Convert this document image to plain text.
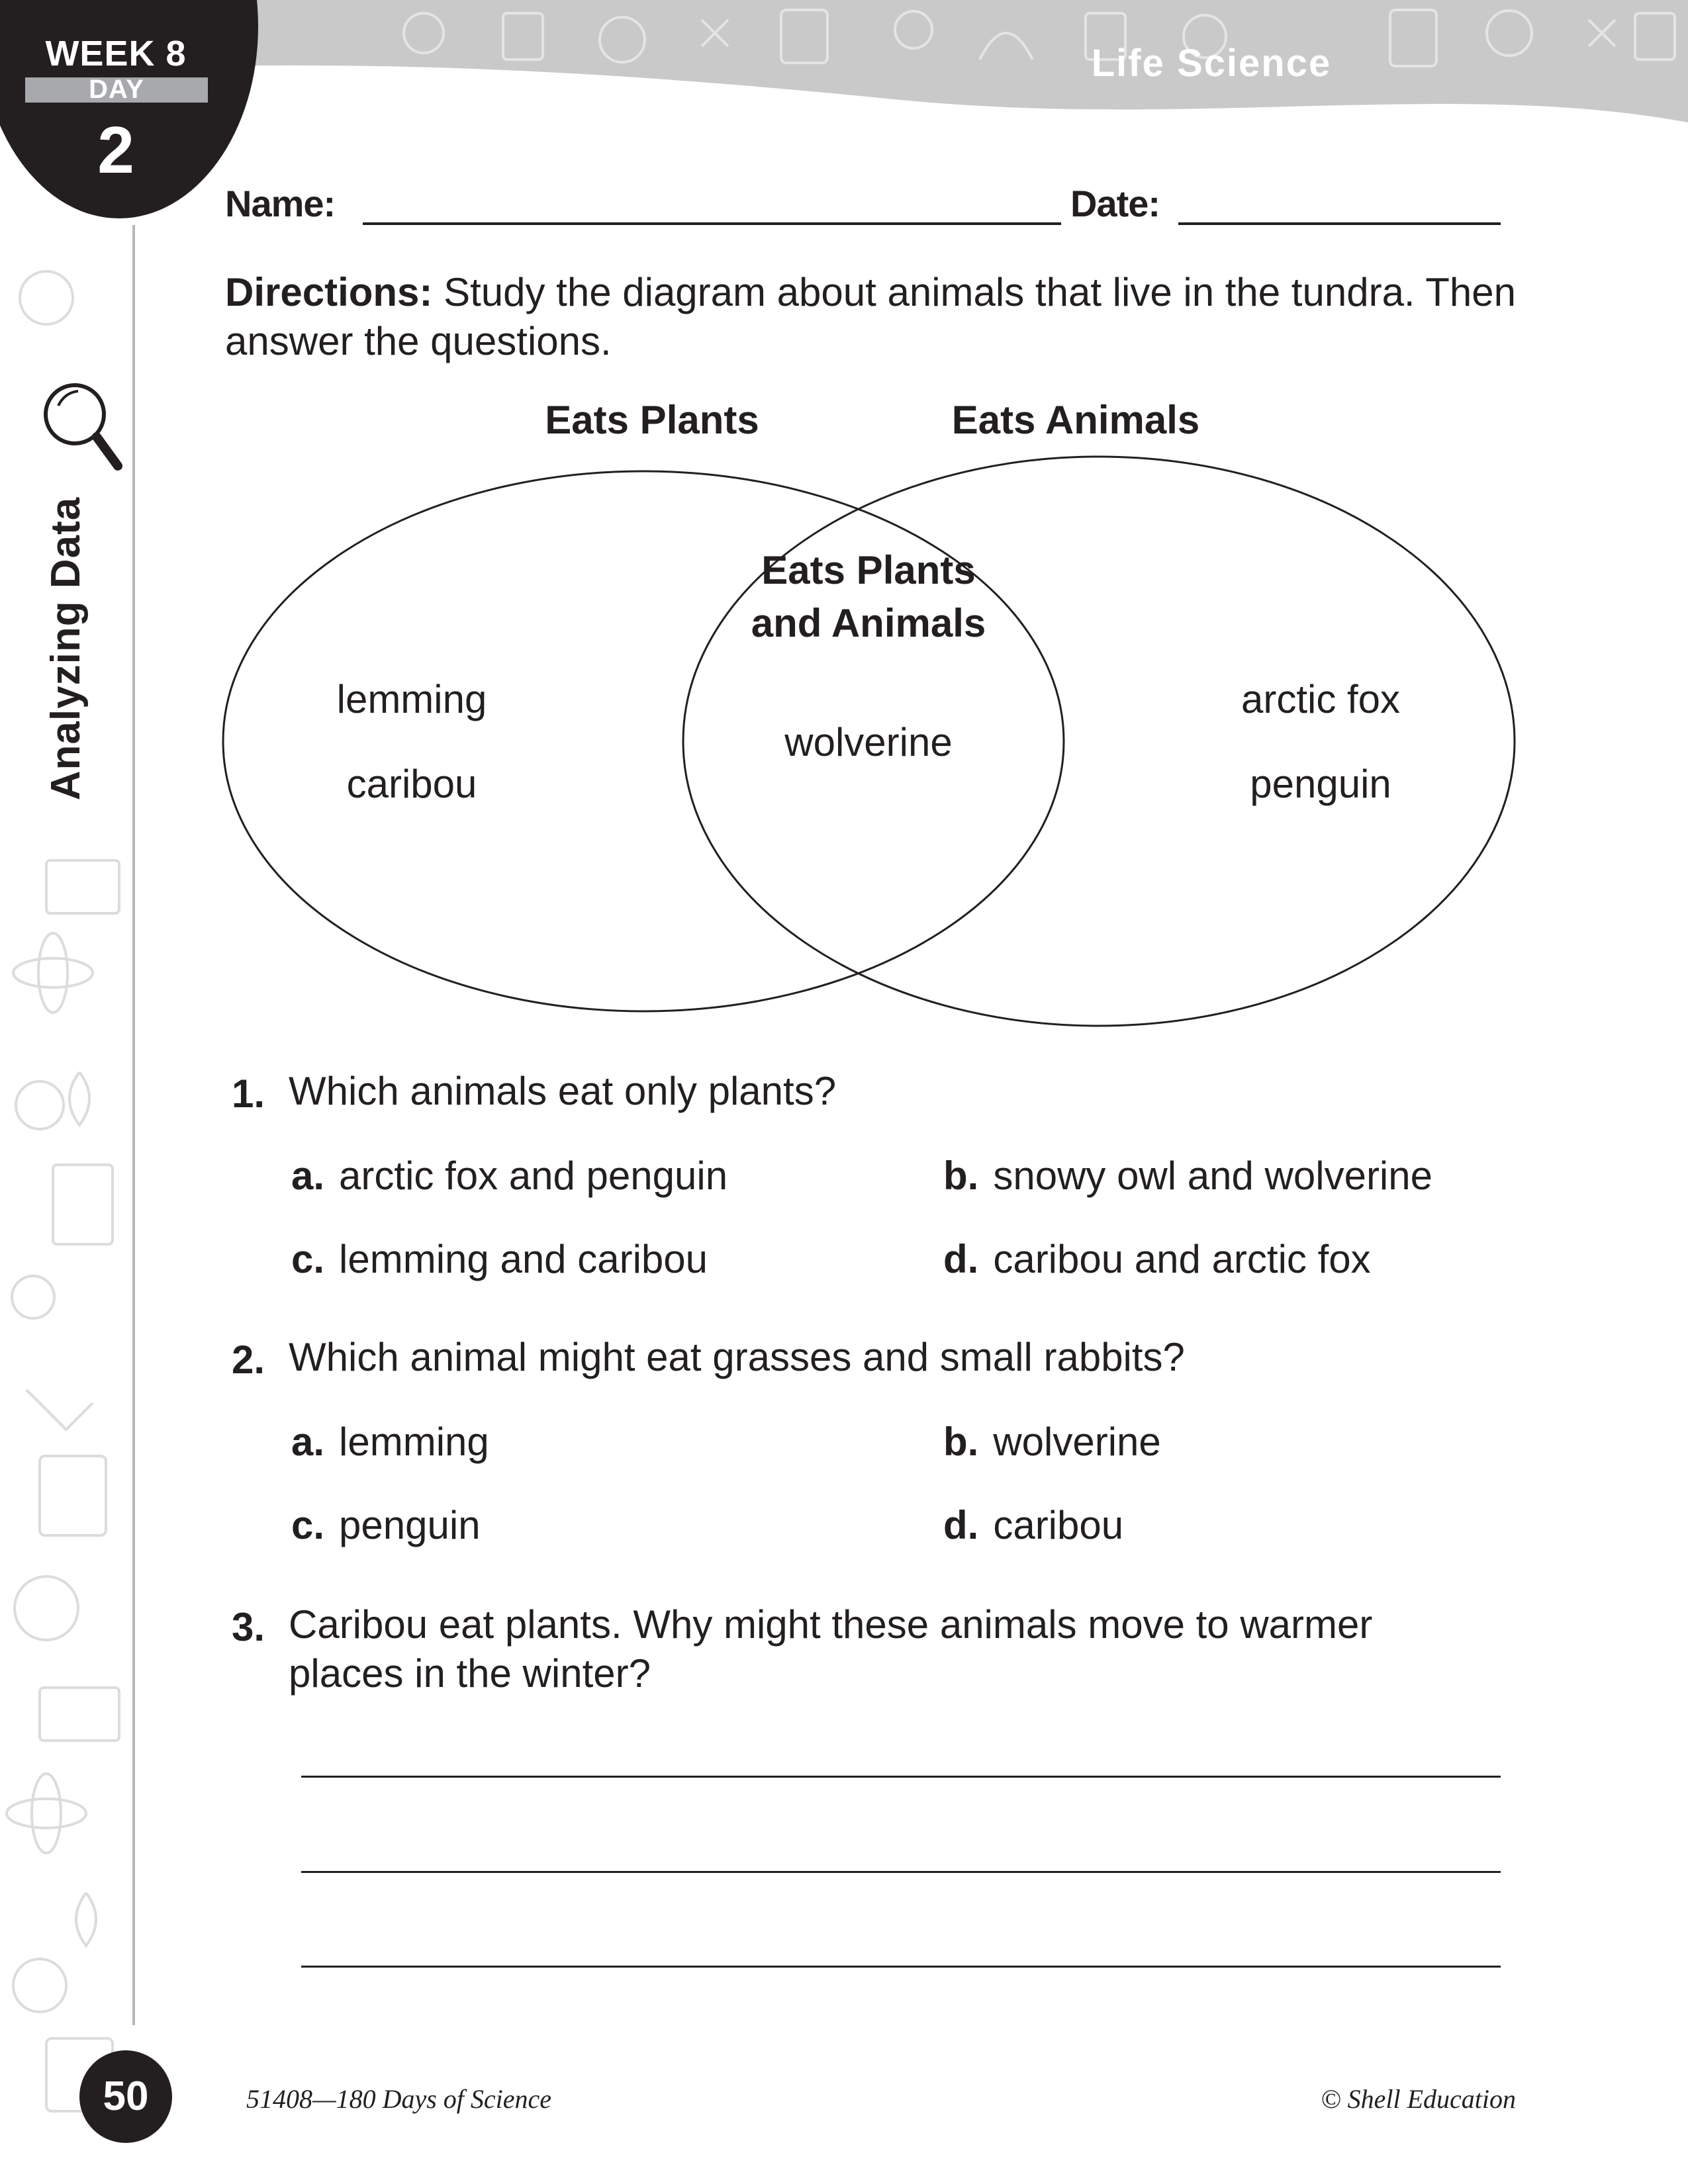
WEEK 8
DAY
2
Life Science
Analyzing Data
Name:	Date:
Directions: Study the diagram about animals that live in the tundra. Then answer the questions.
Eats Plants	Eats Animals
Eats Plants
and Animals
lemming
caribou
wolverine
arctic fox
penguin
1. Which animals eat only plants?
a. arctic fox and penguin	b. snowy owl and wolverine
c. lemming and caribou	d. caribou and arctic fox
2. Which animal might eat grasses and small rabbits?
a. lemming	b. wolverine
c. penguin	d. caribou
3. Caribou eat plants. Why might these animals move to warmer
places in the winter?
50	51408—180 Days of Science	© Shell Education
